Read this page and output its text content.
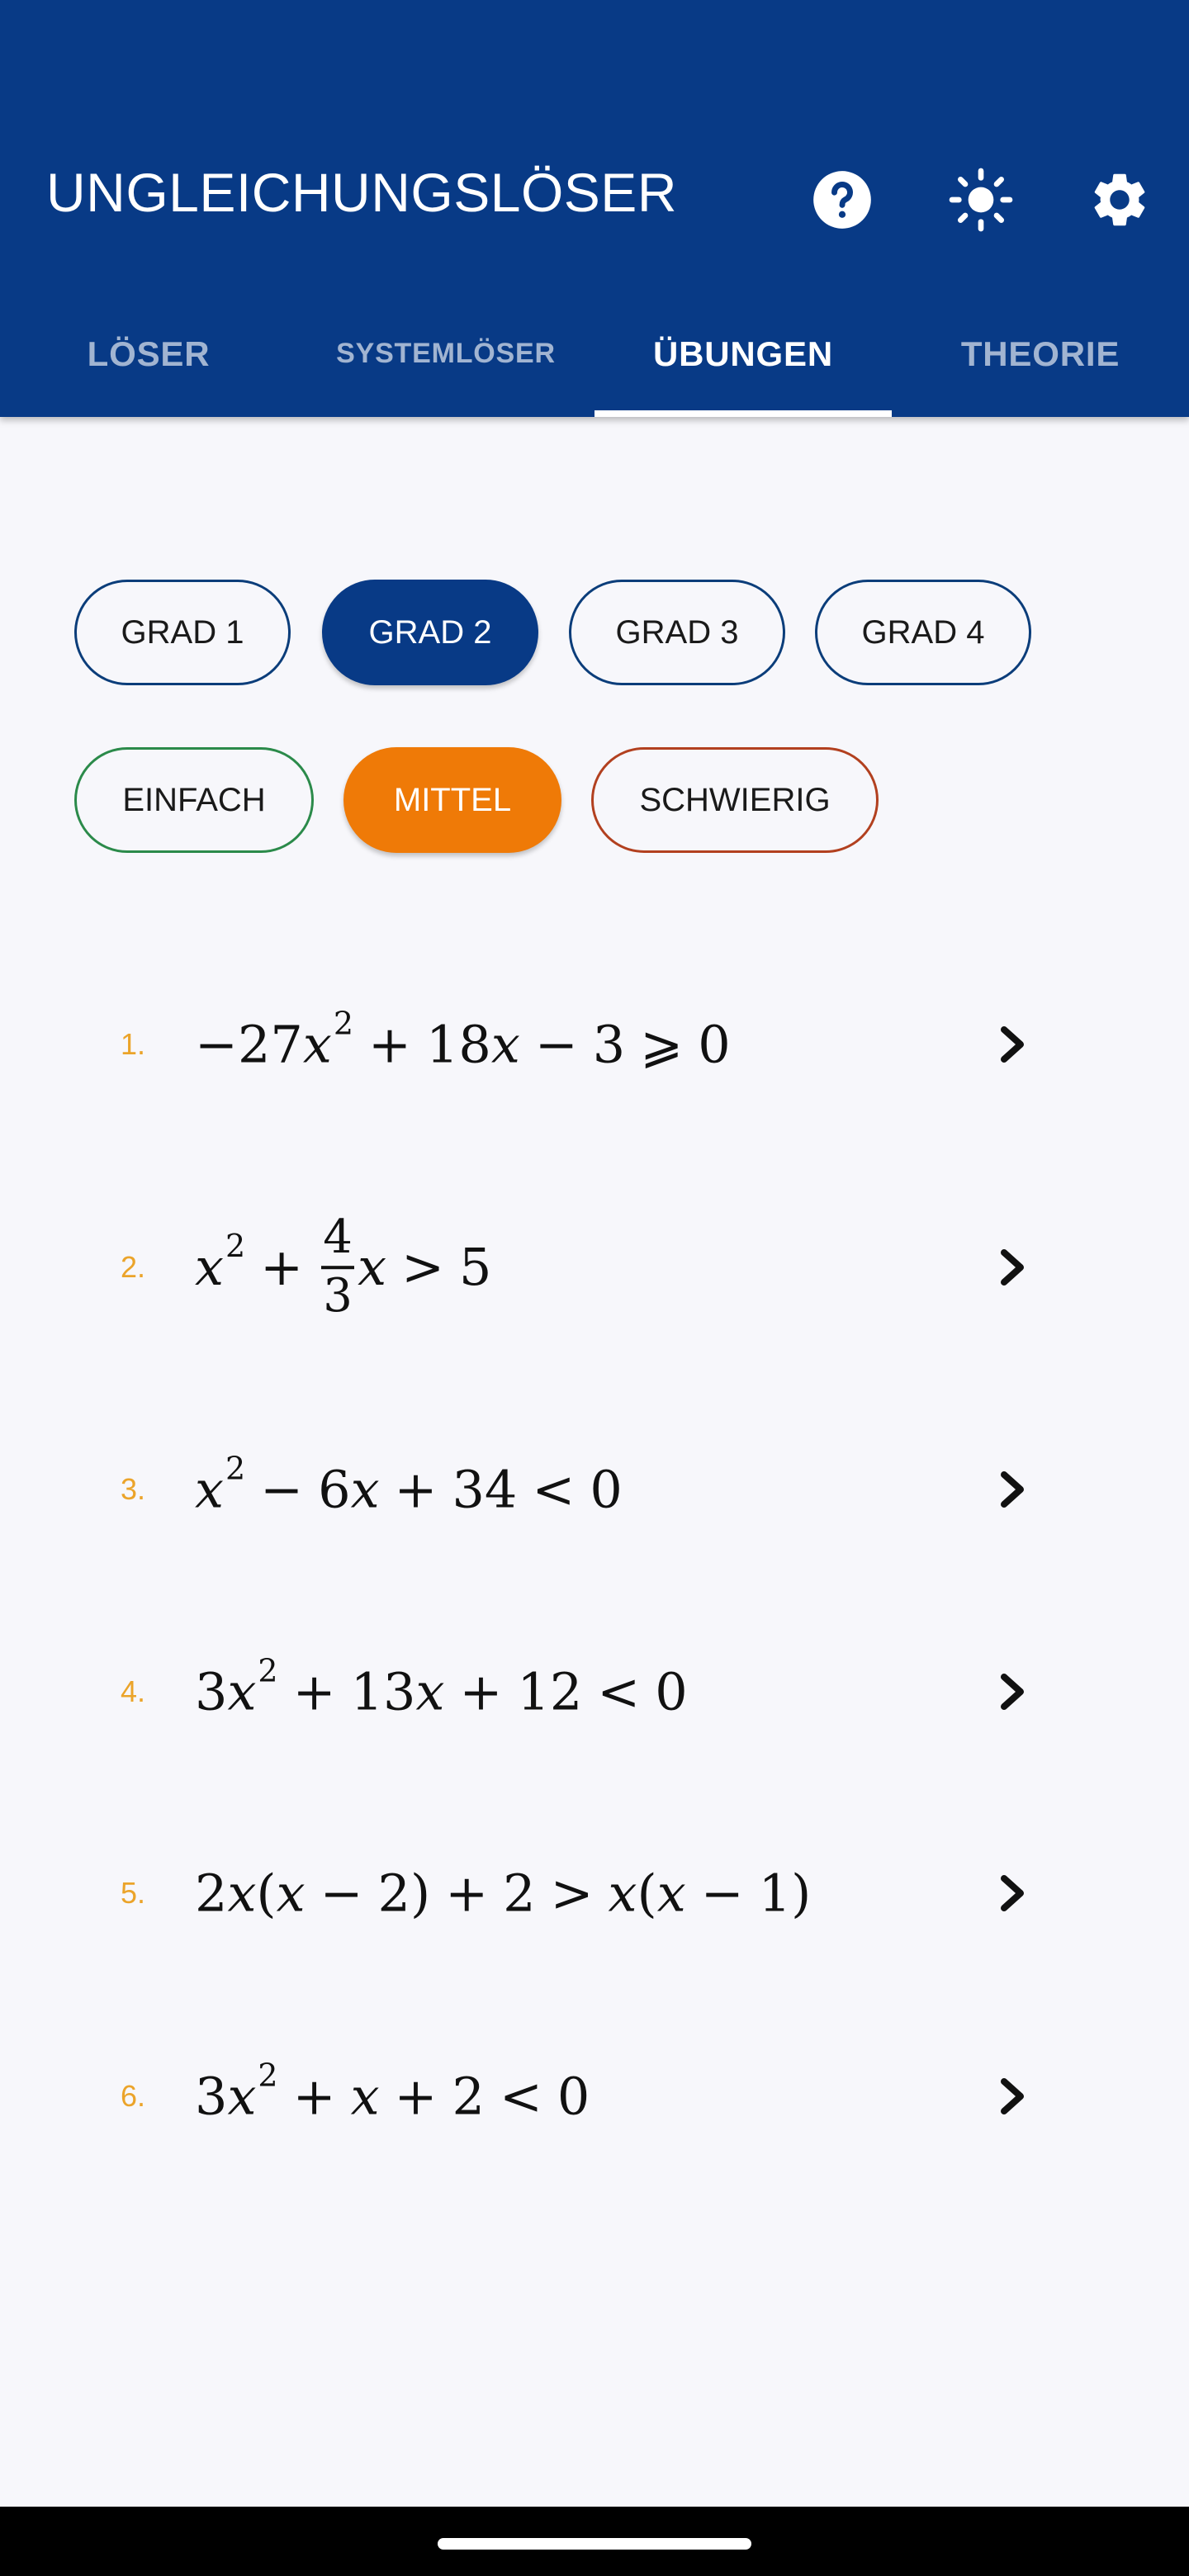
UNGLEICHUNGSLÖSER
LÖSER	SYSTEMLÖSER	ÜBUNGEN	THEORIE
GRAD 1	GRAD 2	GRAD 3	GRAD 4
EINFACH	MITTEL	SCHWIERIG
1. −27 $x^2 + 18$ x − 3 ⩾ 0
2. $x^2 + \frac{4}{3}$ x > 5
3. $x^2 - 6$ x + 34 < 0
4. 3 $x^2 + 13$ x + 12 < 0
5. 2 x ( x − 2) + 2 > x ( x − 1)
6. 3 $x^2 + x + 2 < 0$
